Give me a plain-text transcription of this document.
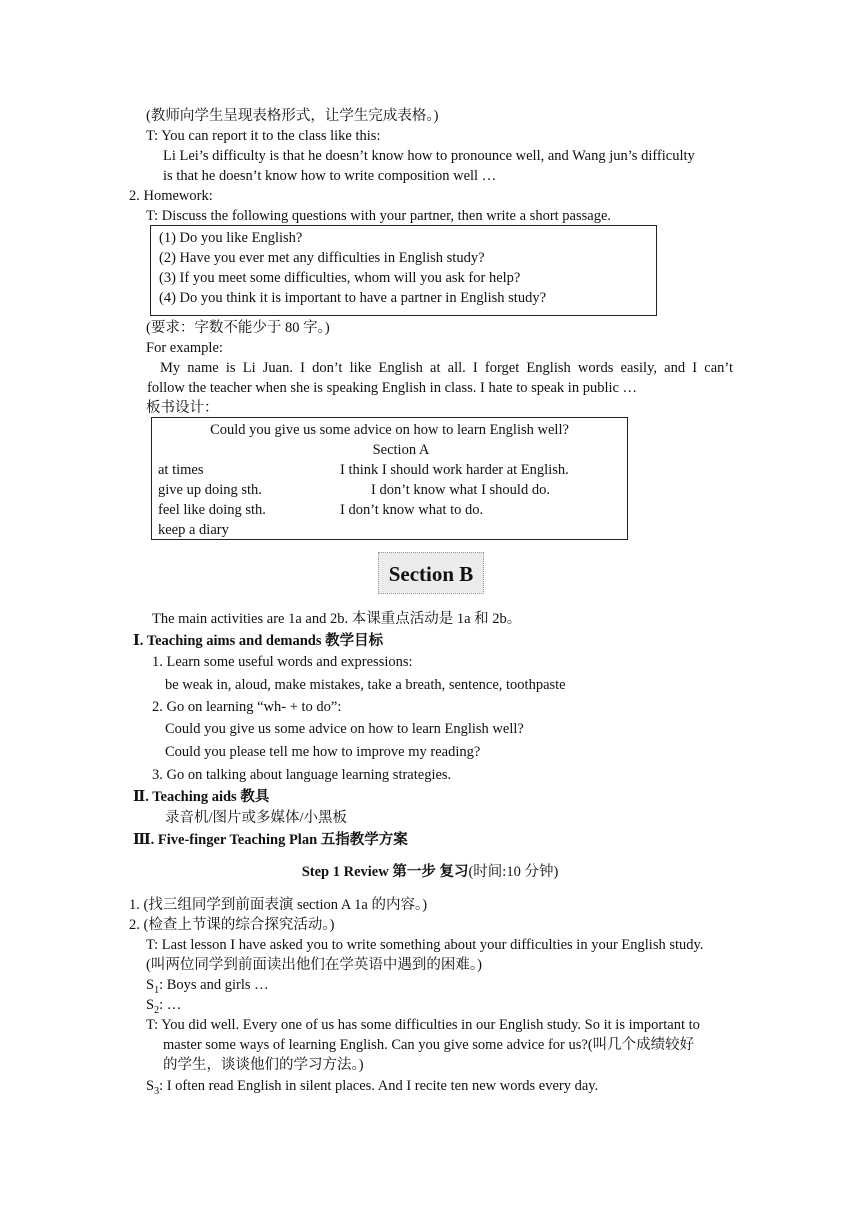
(教师向学生呈现表格形式，让学生完成表格。)
T: You can report it to the class like this:
Li Lei’s difficulty is that he doesn’t know how to pronounce well, and Wang jun’s difficulty
is that he doesn’t know how to write composition well …
2. Homework:
T: Discuss the following questions with your partner, then write a short passage.
(1) Do you like English?
(2) Have you ever met any difficulties in English study?
(3) If you meet some difficulties, whom will you ask for help?
(4) Do you think it is important to have a partner in English study?
(要求：字数不能少于 80 字。)
For example:
My name is Li Juan. I don’t like English at all. I forget English words easily, and I can’t
follow the teacher when she is speaking English in class. I hate to speak in public …
板书设计：
Could you give us some advice on how to learn English well?
Section A
at times
give up doing sth.
feel like doing sth.
keep a diary
I think I should work harder at English.
I don’t know what I should do.
I don’t know what to do.
Section B
The main activities are 1a and 2b. 本课重点活动是 1a 和 2b。
Ⅰ. Teaching aims and demands 教学目标
1. Learn some useful words and expressions:
be weak in, aloud, make mistakes, take a breath, sentence, toothpaste
2. Go on learning “wh- + to do”:
Could you give us some advice on how to learn English well?
Could you please tell me how to improve my reading?
3. Go on talking about language learning strategies.
Ⅱ. Teaching aids 教具
录音机/图片或多媒体/小黑板
Ⅲ. Five-finger Teaching Plan 五指教学方案
Step 1 Review 第一步 复习(时间:10 分钟)
1. (找三组同学到前面表演 section A 1a 的内容。)
2. (检查上节课的综合探究活动。)
T: Last lesson I have asked you to write something about your difficulties in your English study.
(叫两位同学到前面读出他们在学英语中遇到的困难。)
$S_1$: Boys and girls …
$S_2$: …
T: You did well. Every one of us has some difficulties in our English study. So it is important to
master some ways of learning English. Can you give some advice for us?(叫几个成绩较好
的学生，谈谈他们的学习方法。)
$S_3$: I often read English in silent places. And I recite ten new words every day.
